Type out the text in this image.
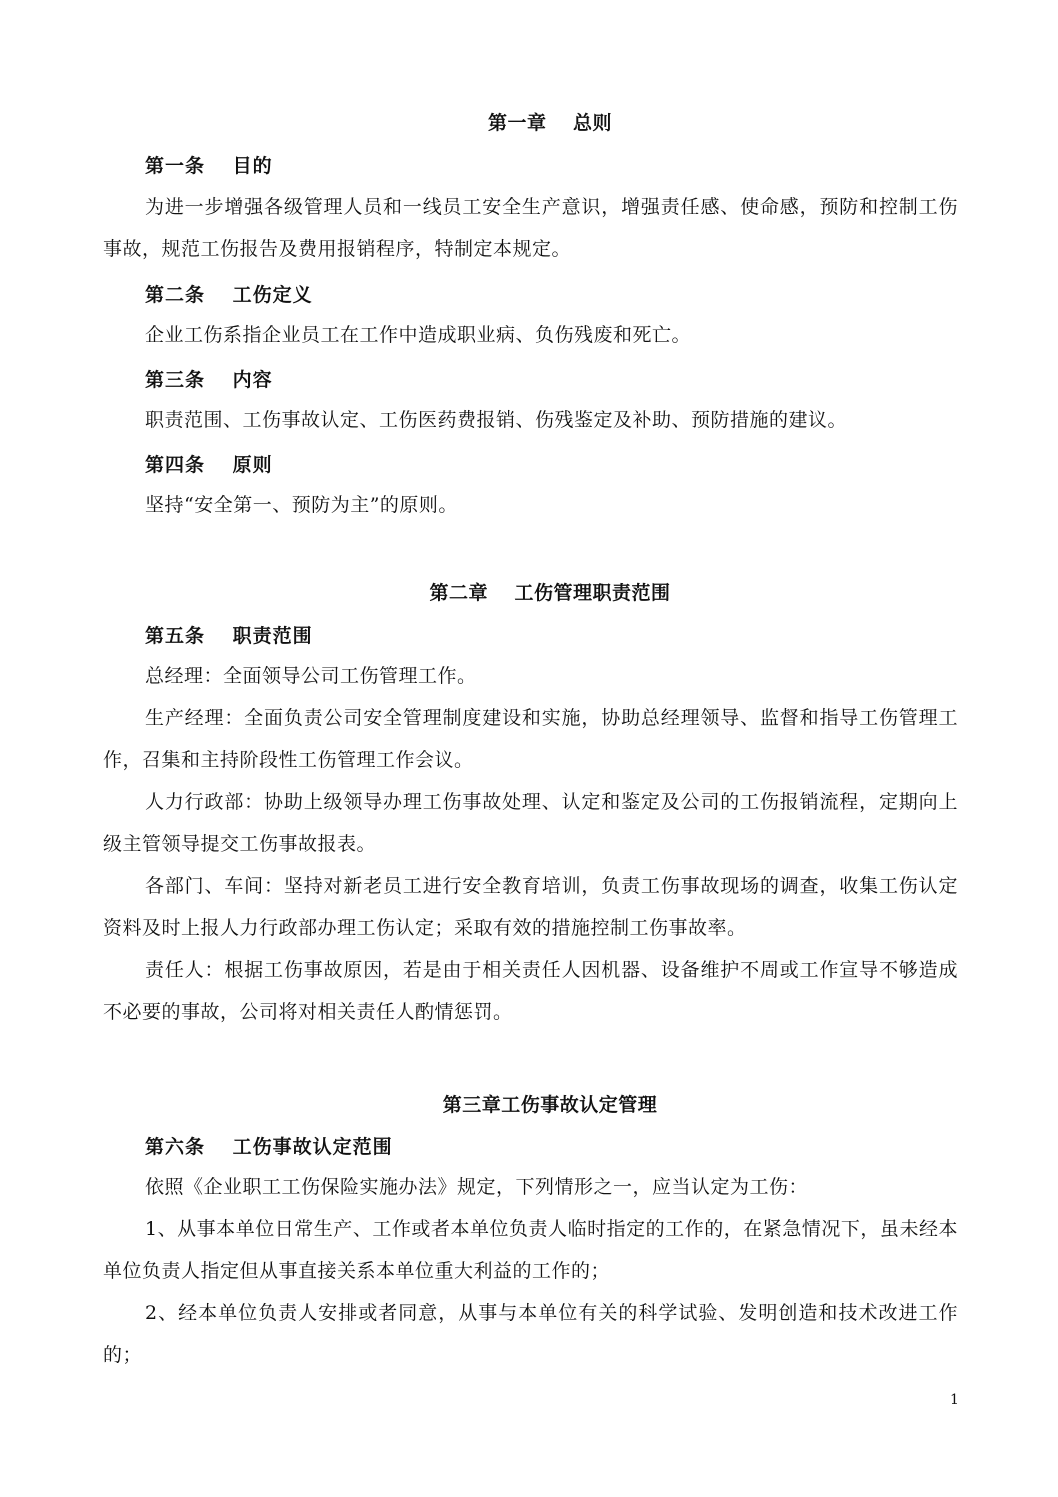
第一章　 总则
第一条　 目的
为进一步增强各级管理人员和一线员工安全生产意识，增强责任感、使命感，预防和控制工伤事故，规范工伤报告及费用报销程序，特制定本规定。
第二条　 工伤定义
企业工伤系指企业员工在工作中造成职业病、负伤残废和死亡。
第三条　 内容
职责范围、工伤事故认定、工伤医药费报销、伤残鉴定及补助、预防措施的建议。
第四条　 原则
坚持“安全第一、预防为主”的原则。
第二章　 工伤管理职责范围
第五条　 职责范围
总经理：全面领导公司工伤管理工作。
生产经理：全面负责公司安全管理制度建设和实施，协助总经理领导、监督和指导工伤管理工作，召集和主持阶段性工伤管理工作会议。
人力行政部：协助上级领导办理工伤事故处理、认定和鉴定及公司的工伤报销流程，定期向上级主管领导提交工伤事故报表。
各部门、车间：坚持对新老员工进行安全教育培训，负责工伤事故现场的调查，收集工伤认定资料及时上报人力行政部办理工伤认定；采取有效的措施控制工伤事故率。
责任人：根据工伤事故原因，若是由于相关责任人因机器、设备维护不周或工作宣导不够造成不必要的事故，公司将对相关责任人酌情惩罚。
第三章工伤事故认定管理
第六条　 工伤事故认定范围
依照《企业职工工伤保险实施办法》规定，下列情形之一，应当认定为工伤：
1、从事本单位日常生产、工作或者本单位负责人临时指定的工作的，在紧急情况下，虽未经本单位负责人指定但从事直接关系本单位重大利益的工作的；
2、经本单位负责人安排或者同意，从事与本单位有关的科学试验、发明创造和技术改进工作的；
1
